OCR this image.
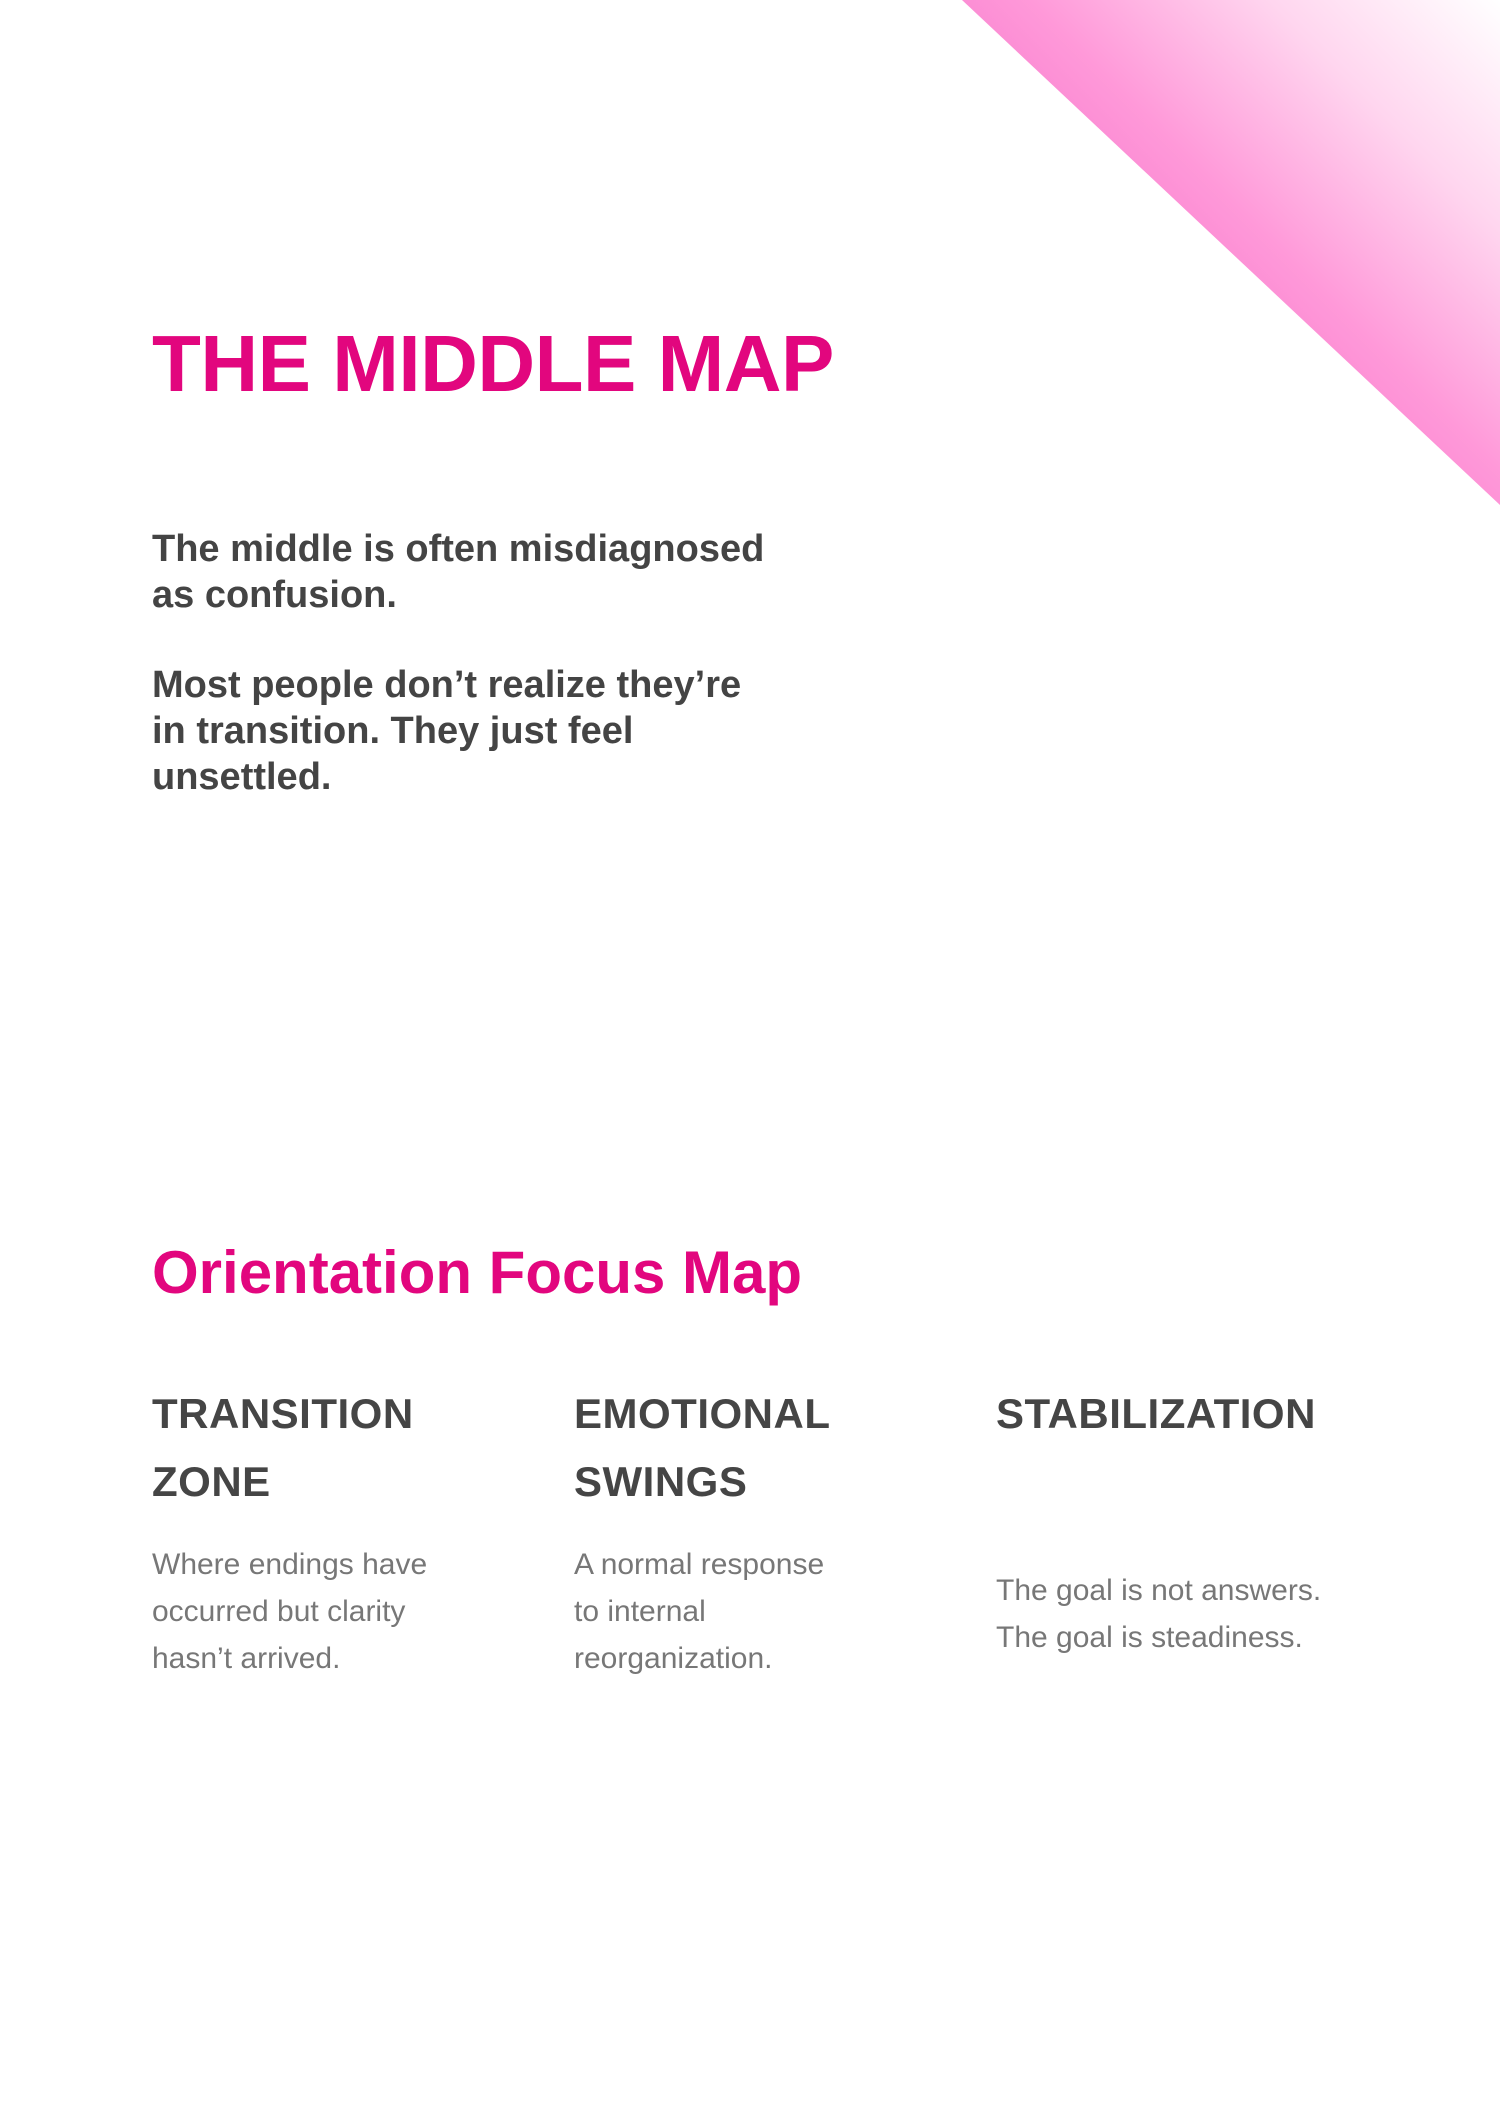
THE MIDDLE MAP

The middle is often misdiagnosed as confusion.

Most people don’t realize they’re in transition. They just feel unsettled.

Orientation Focus Map
TRANSITION ZONE

Where endings have
occurred but clarity
hasn’t arrived.

EMOTIONAL SWINGS

A normal response
to internal
reorganization.

STABILIZATION

The goal is not answers.
The goal is steadiness.
